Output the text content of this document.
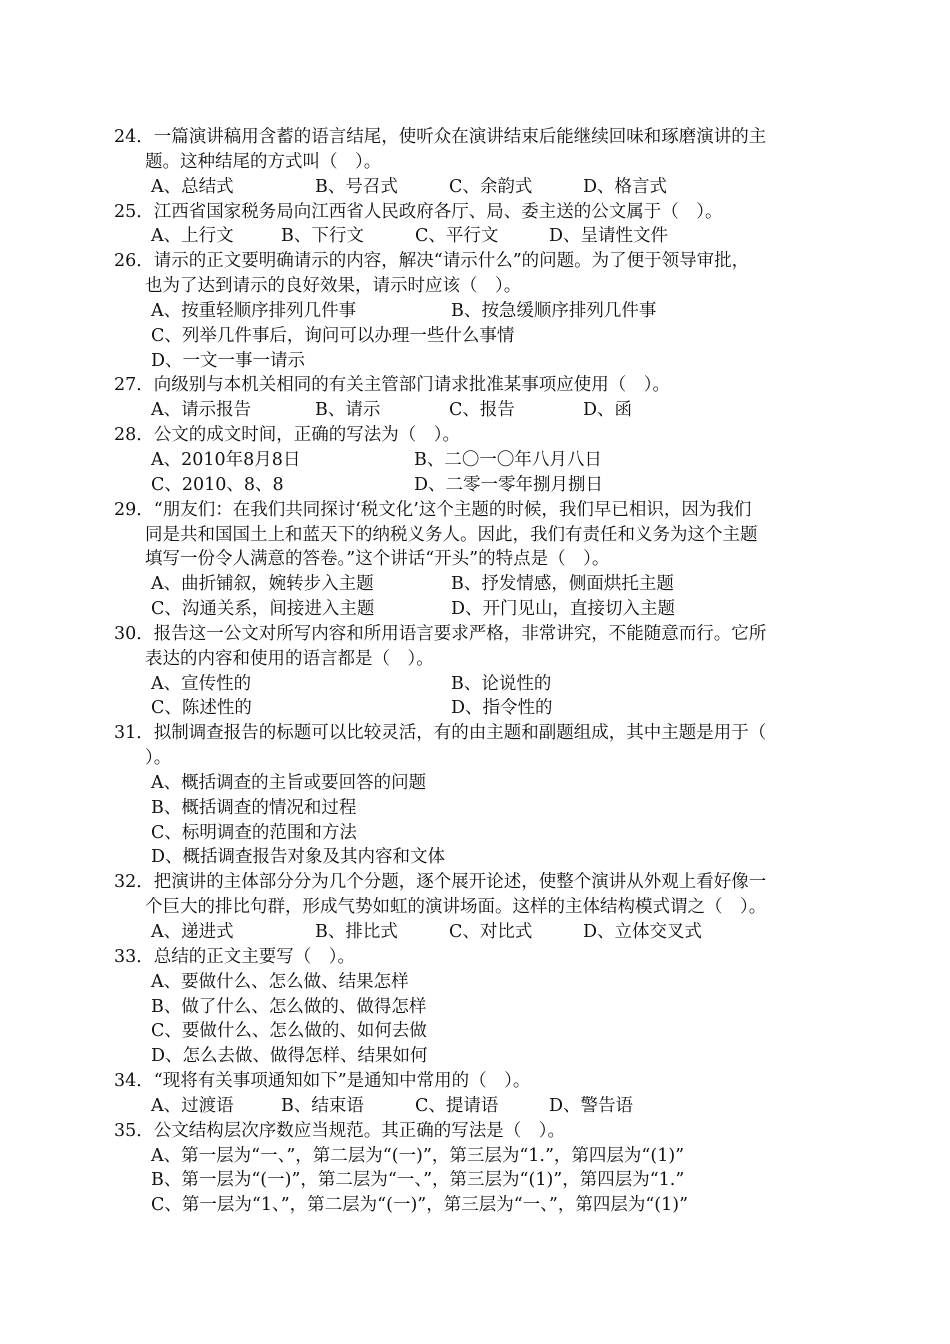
24．一篇演讲稿用含蓄的语言结尾，使听众在演讲结束后能继续回味和琢磨演讲的主
题。这种结尾的方式叫（　）。
A、总结式	B、号召式	C、余韵式	D、格言式
25．江西省国家税务局向江西省人民政府各厅、局、委主送的公文属于（　）。
A、上行文	B、下行文	C、平行文	D、呈请性文件
26．请示的正文要明确请示的内容，解决“请示什么”的问题。为了便于领导审批，
也为了达到请示的良好效果，请示时应该（　）。
A、按重轻顺序排列几件事	B、按急缓顺序排列几件事
C、列举几件事后，询问可以办理一些什么事情
D、一文一事一请示
27．向级别与本机关相同的有关主管部门请求批准某事项应使用（　）。
A、请示报告	B、请示	C、报告	D、函
28．公文的成文时间，正确的写法为（　）。
A、2010年8月8日	B、二〇一〇年八月八日
C、2010、8、8	D、二零一零年捌月捌日
29．“朋友们：在我们共同探讨‘税文化’这个主题的时候，我们早已相识，因为我们
同是共和国国土上和蓝天下的纳税义务人。因此，我们有责任和义务为这个主题
填写一份令人满意的答卷。”这个讲话“开头”的特点是（　）。
A、曲折铺叙，婉转步入主题	B、抒发情感，侧面烘托主题
C、沟通关系，间接进入主题	D、开门见山，直接切入主题
30．报告这一公文对所写内容和所用语言要求严格，非常讲究，不能随意而行。它所
表达的内容和使用的语言都是（　）。
A、宣传性的	B、论说性的
C、陈述性的	D、指令性的
31．拟制调查报告的标题可以比较灵活，有的由主题和副题组成，其中主题是用于（
）。
A、概括调查的主旨或要回答的问题
B、概括调查的情况和过程
C、标明调查的范围和方法
D、概括调查报告对象及其内容和文体
32．把演讲的主体部分分为几个分题，逐个展开论述，使整个演讲从外观上看好像一
个巨大的排比句群，形成气势如虹的演讲场面。这样的主体结构模式谓之（　）。
A、递进式	B、排比式	C、对比式	D、立体交叉式
33．总结的正文主要写（　）。
A、要做什么、怎么做、结果怎样
B、做了什么、怎么做的、做得怎样
C、要做什么、怎么做的、如何去做
D、怎么去做、做得怎样、结果如何
34．“现将有关事项通知如下”是通知中常用的（　）。
A、过渡语	B、结束语	C、提请语	D、警告语
35．公文结构层次序数应当规范。其正确的写法是（　）。
A、第一层为“一、”，第二层为“(一)”，第三层为“1.”，第四层为“(1)”
B、第一层为“(一)”，第二层为“一、”，第三层为“(1)”，第四层为“1.”
C、第一层为“1、”，第二层为“(一)”，第三层为“一、”，第四层为“(1)”
